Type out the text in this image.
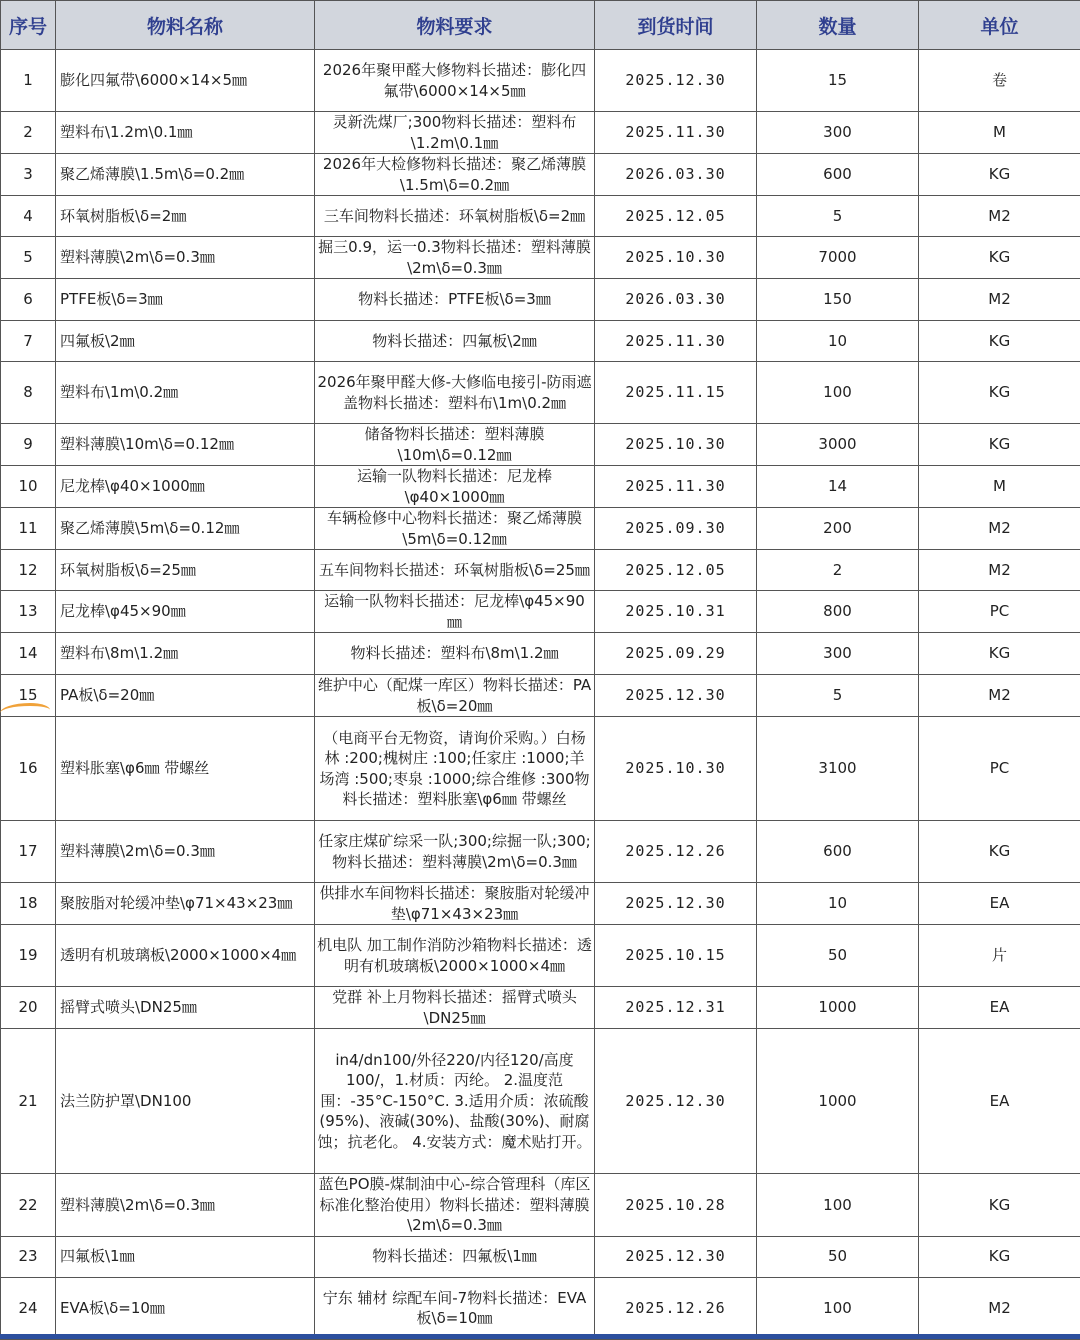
序号	物料名称	物料要求	到货时间	数量	单位
1	膨化四氟带\6000×14×5㎜	2026年聚甲醛大修物料长描述：膨化四氟带\6000×14×5㎜	2025.12.30	15	卷
2	塑料布\1.2m\0.1㎜	灵新洗煤厂;300物料长描述：塑料布\1.2m\0.1㎜	2025.11.30	300	M
3	聚乙烯薄膜\1.5m\δ=0.2㎜	2026年大检修物料长描述：聚乙烯薄膜\1.5m\δ=0.2㎜	2026.03.30	600	KG
4	环氧树脂板\δ=2㎜	三车间物料长描述：环氧树脂板\δ=2㎜	2025.12.05	5	M2
5	塑料薄膜\2m\δ=0.3㎜	掘三0.9，运一0.3物料长描述：塑料薄膜\2m\δ=0.3㎜	2025.10.30	7000	KG
6	PTFE板\δ=3㎜	物料长描述：PTFE板\δ=3㎜	2026.03.30	150	M2
7	四氟板\2㎜	物料长描述：四氟板\2㎜	2025.11.30	10	KG
8	塑料布\1m\0.2㎜	2026年聚甲醛大修-大修临电接引-防雨遮盖物料长描述：塑料布\1m\0.2㎜	2025.11.15	100	KG
9	塑料薄膜\10m\δ=0.12㎜	储备物料长描述：塑料薄膜\10m\δ=0.12㎜	2025.10.30	3000	KG
10	尼龙棒\φ40×1000㎜	运输一队物料长描述：尼龙棒\φ40×1000㎜	2025.11.30	14	M
11	聚乙烯薄膜\5m\δ=0.12㎜	车辆检修中心物料长描述：聚乙烯薄膜\5m\δ=0.12㎜	2025.09.30	200	M2
12	环氧树脂板\δ=25㎜	五车间物料长描述：环氧树脂板\δ=25㎜	2025.12.05	2	M2
13	尼龙棒\φ45×90㎜	运输一队物料长描述：尼龙棒\φ45×90㎜	2025.10.31	800	PC
14	塑料布\8m\1.2㎜	物料长描述：塑料布\8m\1.2㎜	2025.09.29	300	KG
15	PA板\δ=20㎜	维护中心（配煤一库区）物料长描述：PA板\δ=20㎜	2025.12.30	5	M2
16	塑料胀塞\φ6㎜ 带螺丝	（电商平台无物资，请询价采购。）白杨林 :200;槐树庄 :100;任家庄 :1000;羊场湾 :500;枣泉 :1000;综合维修 :300物料长描述：塑料胀塞\φ6㎜ 带螺丝	2025.10.30	3100	PC
17	塑料薄膜\2m\δ=0.3㎜	任家庄煤矿综采一队;300;综掘一队;300;物料长描述：塑料薄膜\2m\δ=0.3㎜	2025.12.26	600	KG
18	聚胺脂对轮缓冲垫\φ71×43×23㎜	供排水车间物料长描述：聚胺脂对轮缓冲垫\φ71×43×23㎜	2025.12.30	10	EA
19	透明有机玻璃板\2000×1000×4㎜	机电队 加工制作消防沙箱物料长描述：透明有机玻璃板\2000×1000×4㎜	2025.10.15	50	片
20	摇臂式喷头\DN25㎜	党群 补上月物料长描述：摇臂式喷头\DN25㎜	2025.12.31	1000	EA
21	法兰防护罩\DN100	in4/dn100/外径220/内径120/高度100/，1.材质：丙纶。 2.温度范围：-35°C-150°C. 3.适用介质：浓硫酸(95%)、液碱(30%)、盐酸(30%)、耐腐蚀；抗老化。 4.安装方式：魔术贴打开。	2025.12.30	1000	EA
22	塑料薄膜\2m\δ=0.3㎜	蓝色PO膜-煤制油中心-综合管理科（库区标准化整治使用）物料长描述：塑料薄膜\2m\δ=0.3㎜	2025.10.28	100	KG
23	四氟板\1㎜	物料长描述：四氟板\1㎜	2025.12.30	50	KG
24	EVA板\δ=10㎜	宁东 辅材 综配车间-7物料长描述：EVA板\δ=10㎜	2025.12.26	100	M2
